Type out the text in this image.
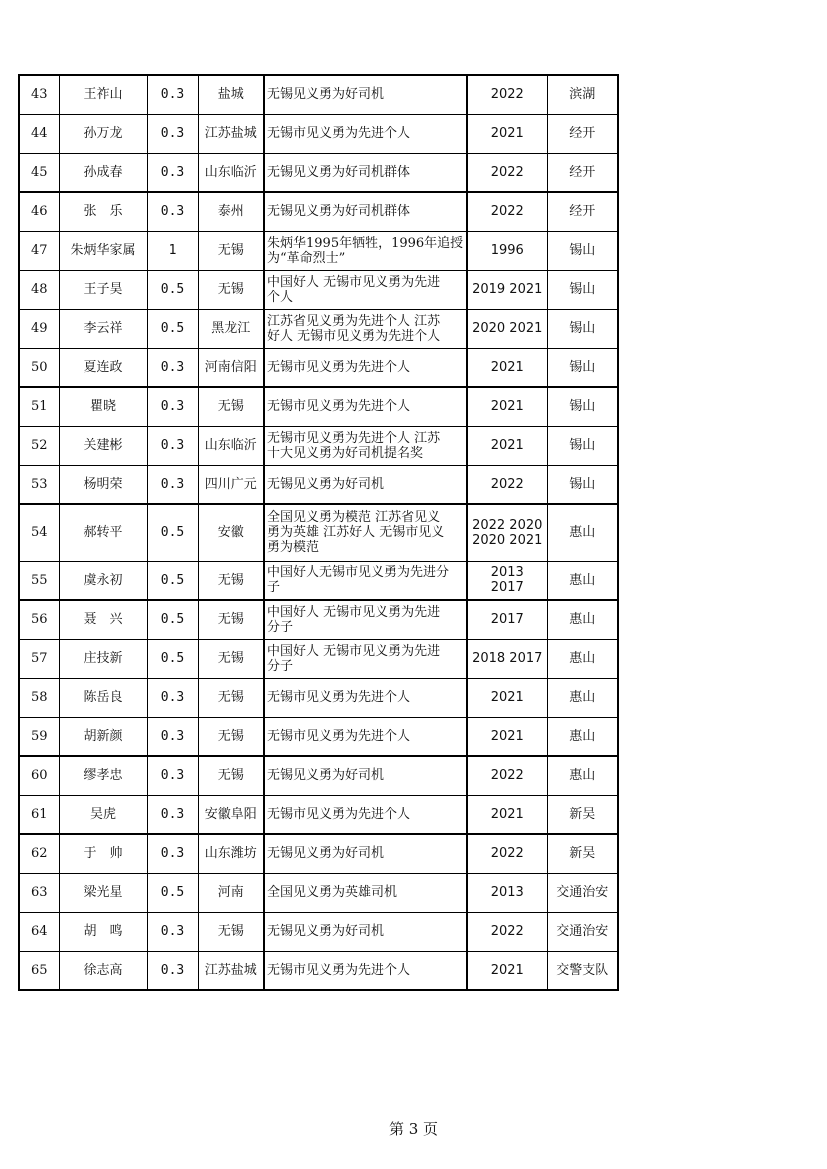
43	王祚山	0.3	盐城	无锡见义勇为好司机	2022	滨湖
44	孙万龙	0.3	江苏盐城	无锡市见义勇为先进个人	2021	经开
45	孙成春	0.3	山东临沂	无锡见义勇为好司机群体	2022	经开
46	张　乐	0.3	泰州	无锡见义勇为好司机群体	2022	经开
47	朱炳华家属	1	无锡	朱炳华1995年牺牲，1996年追授
为“革命烈士”	1996	锡山
48	王子昊	0.5	无锡	中国好人 无锡市见义勇为先进
个人	2019 2021	锡山
49	李云祥	0.5	黑龙江	江苏省见义勇为先进个人 江苏
好人 无锡市见义勇为先进个人	2020 2021	锡山
50	夏连政	0.3	河南信阳	无锡市见义勇为先进个人	2021	锡山
51	瞿晓	0.3	无锡	无锡市见义勇为先进个人	2021	锡山
52	关建彬	0.3	山东临沂	无锡市见义勇为先进个人 江苏
十大见义勇为好司机提名奖	2021	锡山
53	杨明荣	0.3	四川广元	无锡见义勇为好司机	2022	锡山
54	郝转平	0.5	安徽	全国见义勇为模范 江苏省见义
勇为英雄 江苏好人 无锡市见义
勇为模范	2022 2020
2020 2021	惠山
55	虞永初	0.5	无锡	中国好人无锡市见义勇为先进分
子	2013　2017	惠山
56	聂　兴	0.5	无锡	中国好人 无锡市见义勇为先进
分子	2017	惠山
57	庄技新	0.5	无锡	中国好人 无锡市见义勇为先进
分子	2018 2017	惠山
58	陈岳良	0.3	无锡	无锡市见义勇为先进个人	2021	惠山
59	胡新颜	0.3	无锡	无锡市见义勇为先进个人	2021	惠山
60	缪孝忠	0.3	无锡	无锡见义勇为好司机	2022	惠山
61	吴虎	0.3	安徽阜阳	无锡市见义勇为先进个人	2021	新吴
62	于　帅	0.3	山东潍坊	无锡见义勇为好司机	2022	新吴
63	梁光星	0.5	河南	全国见义勇为英雄司机	2013	交通治安
64	胡　鸣	0.3	无锡	无锡见义勇为好司机	2022	交通治安
65	徐志高	0.3	江苏盐城	无锡市见义勇为先进个人	2021	交警支队
第 3 页
